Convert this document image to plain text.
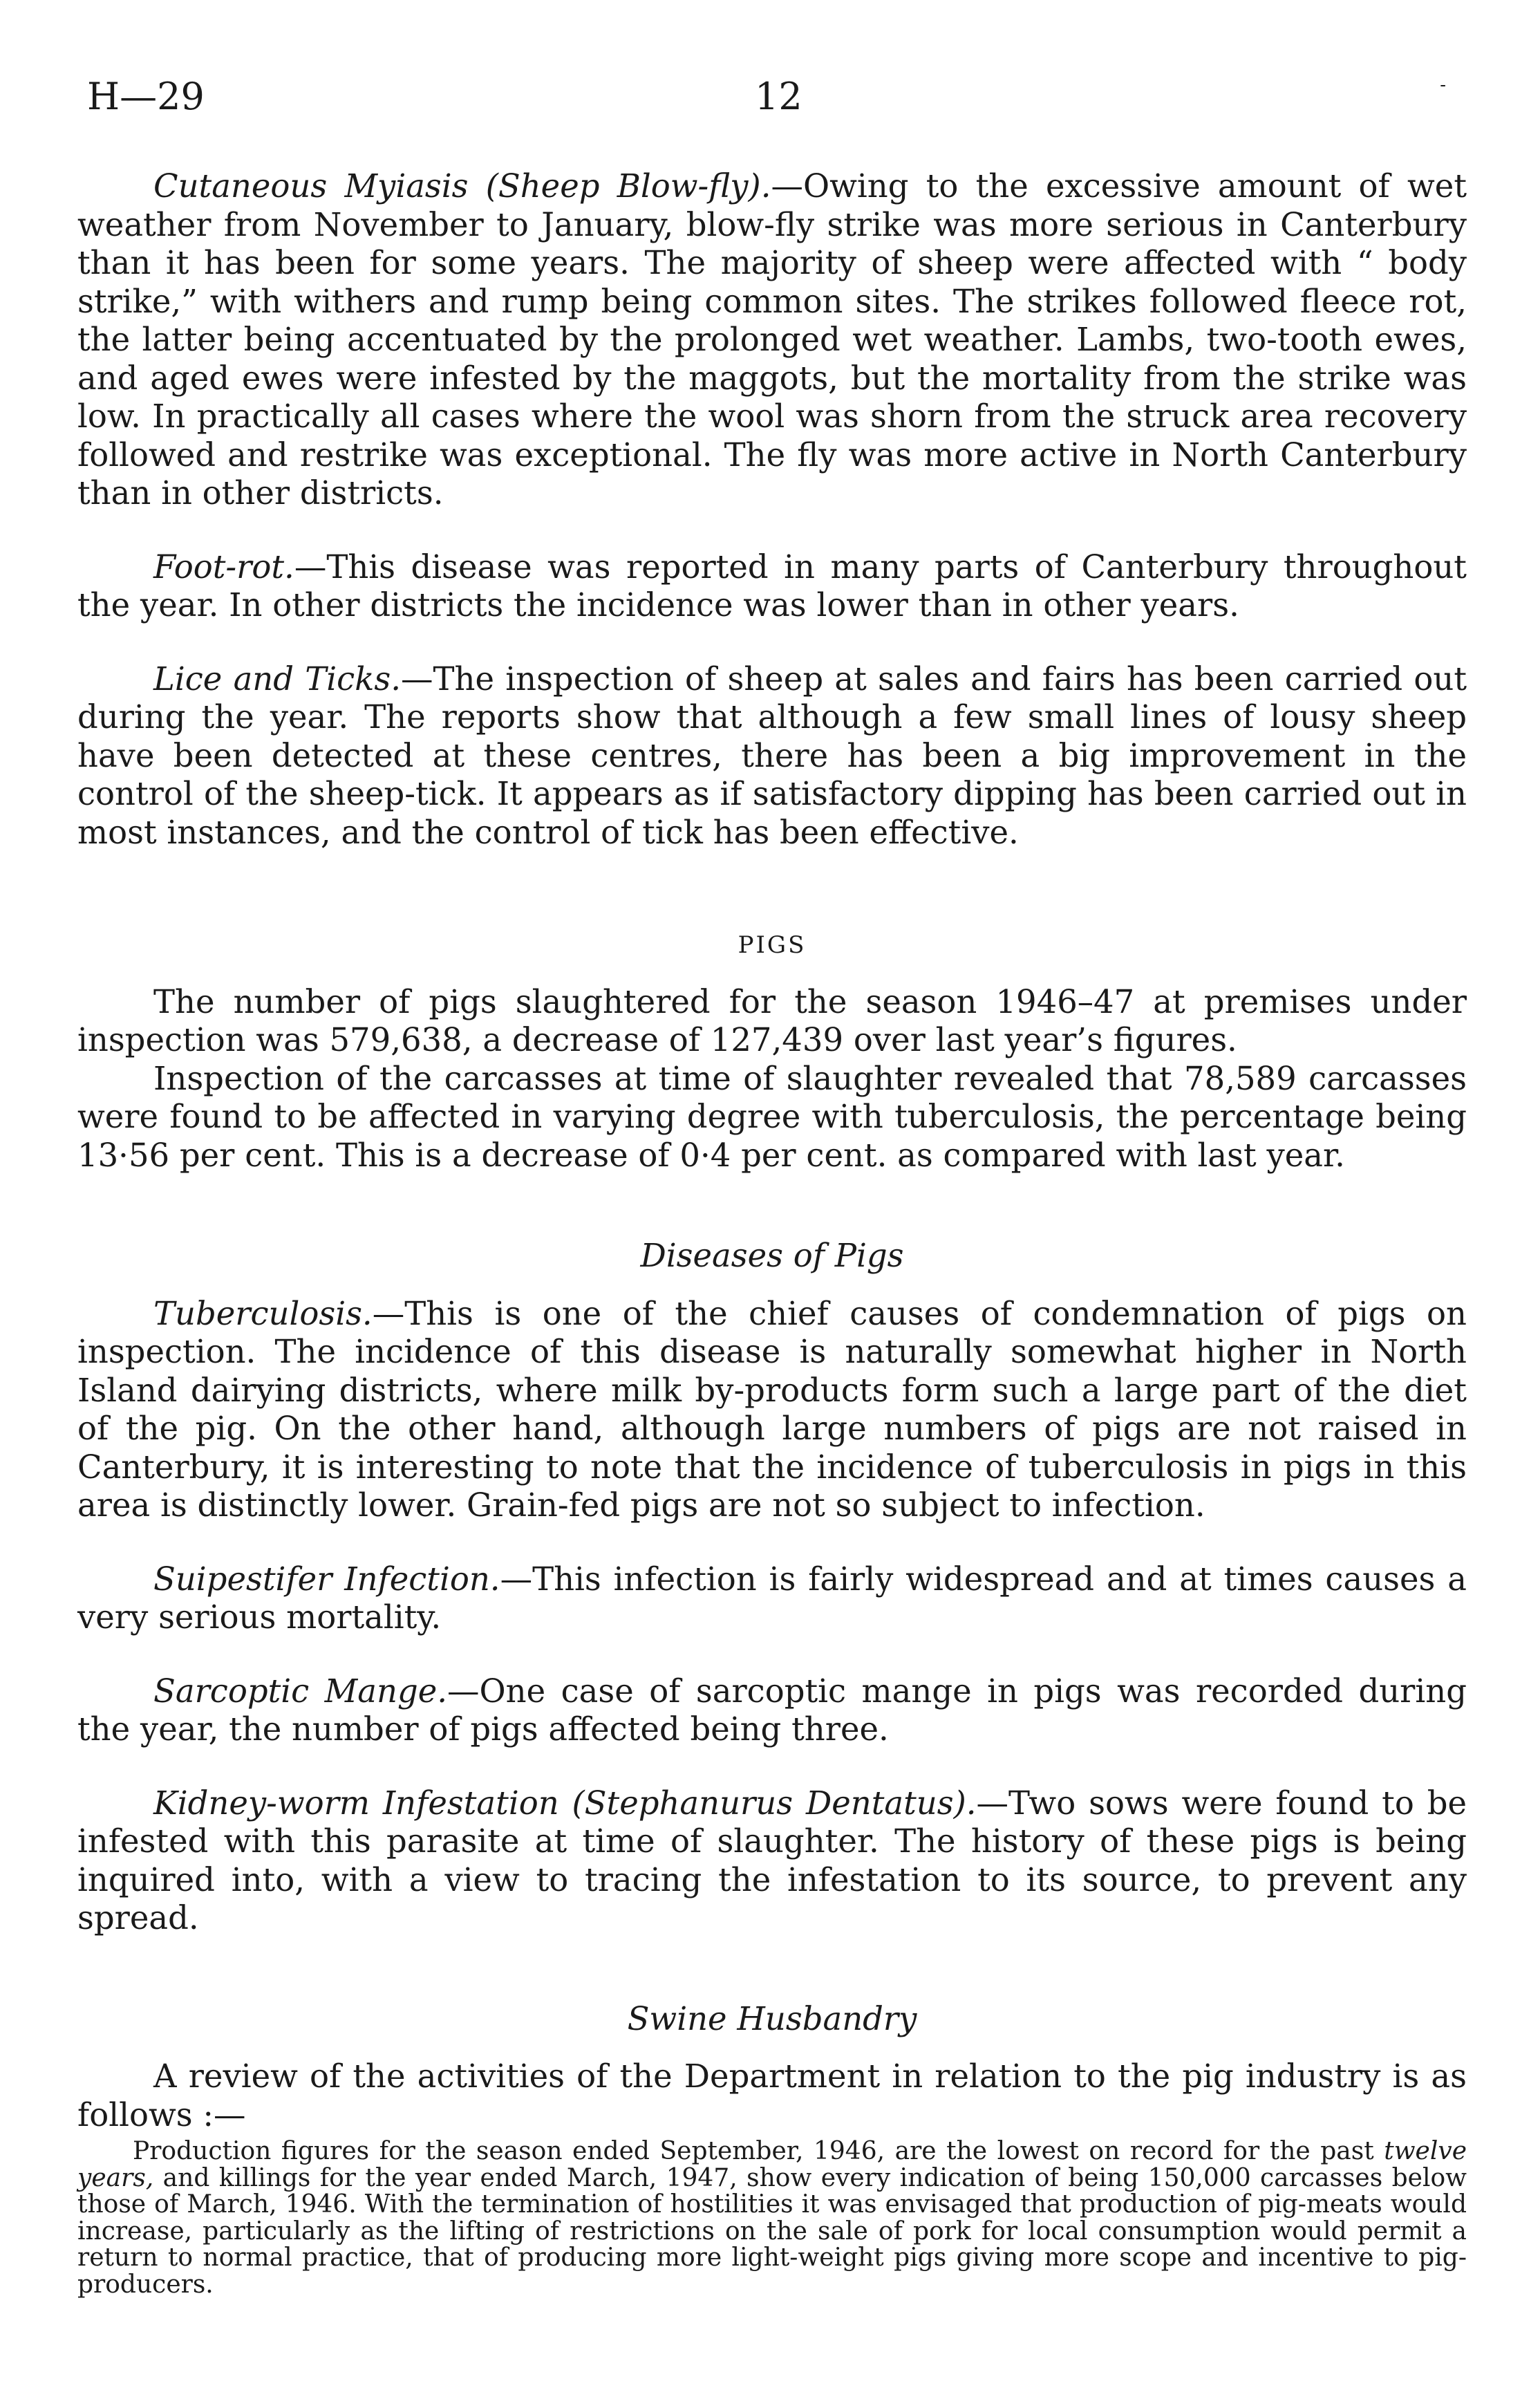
H—29	12	-

Cutaneous Myiasis (Sheep Blow-fly).—Owing to the excessive amount of wet weather from November to January, blow-fly strike was more serious in Canterbury than it has been for some years. The majority of sheep were affected with “ body strike,” with withers and rump being common sites. The strikes followed fleece rot, the latter being accentuated by the prolonged wet weather. Lambs, two-tooth ewes, and aged ewes were infested by the maggots, but the mortality from the strike was low. In practically all cases where the wool was shorn from the struck area recovery followed and restrike was exceptional. The fly was more active in North Canterbury than in other districts.

Foot-rot.—This disease was reported in many parts of Canterbury throughout the year. In other districts the incidence was lower than in other years.

Lice and Ticks.—The inspection of sheep at sales and fairs has been carried out during the year. The reports show that although a few small lines of lousy sheep have been detected at these centres, there has been a big improvement in the control of the sheep-tick. It appears as if satisfactory dipping has been carried out in most instances, and the control of tick has been effective.

PIGS

The number of pigs slaughtered for the season 1946–47 at premises under inspection was 579,638, a decrease of 127,439 over last year’s figures.

Inspection of the carcasses at time of slaughter revealed that 78,589 carcasses were found to be affected in varying degree with tuberculosis, the percentage being 13·56 per cent. This is a decrease of 0·4 per cent. as compared with last year.

Diseases of Pigs

Tuberculosis.—This is one of the chief causes of condemnation of pigs on inspection. The incidence of this disease is naturally somewhat higher in North Island dairying districts, where milk by-products form such a large part of the diet of the pig. On the other hand, although large numbers of pigs are not raised in Canterbury, it is interesting to note that the incidence of tuberculosis in pigs in this area is distinctly lower. Grain-fed pigs are not so subject to infection.

Suipestifer Infection.—This infection is fairly widespread and at times causes a very serious mortality.

Sarcoptic Mange.—One case of sarcoptic mange in pigs was recorded during the year, the number of pigs affected being three.

Kidney-worm Infestation (Stephanurus Dentatus).—Two sows were found to be infested with this parasite at time of slaughter. The history of these pigs is being inquired into, with a view to tracing the infestation to its source, to prevent any spread.

Swine Husbandry

A review of the activities of the Department in relation to the pig industry is as follows :—

Production figures for the season ended September, 1946, are the lowest on record for the past twelve years, and killings for the year ended March, 1947, show every indication of being 150,000 carcasses below those of March, 1946. With the termination of hostilities it was envisaged that production of pig-meats would increase, particularly as the lifting of restrictions on the sale of pork for local consumption would permit a return to normal practice, that of producing more light-weight pigs giving more scope and incentive to pig-producers.
